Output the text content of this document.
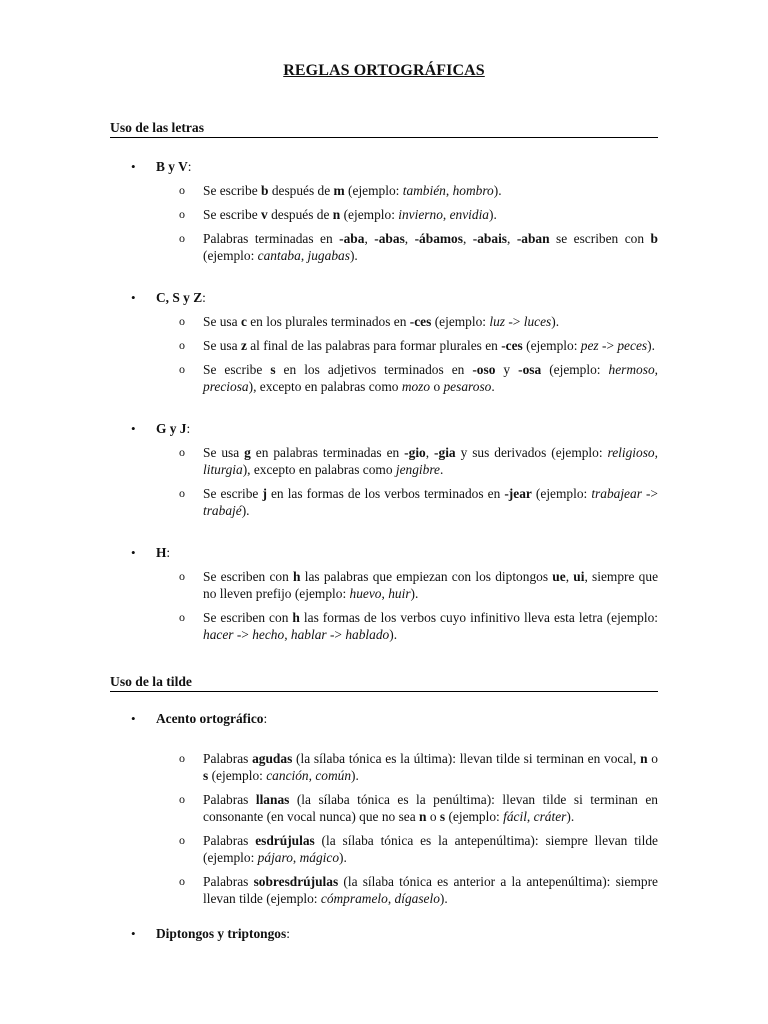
REGLAS ORTOGRÁFICAS
Uso de las letras
• B y V:
o Se escribe b después de m (ejemplo: también, hombro).
o Se escribe v después de n (ejemplo: invierno, envidia).
o Palabras terminadas en -aba, -abas, -ábamos, -abais, -aban se escriben con b (ejemplo: cantaba, jugabas).
• C, S y Z:
o Se usa c en los plurales terminados en -ces (ejemplo: luz -> luces).
o Se usa z al final de las palabras para formar plurales en -ces (ejemplo: pez -> peces).
o Se escribe s en los adjetivos terminados en -oso y -osa (ejemplo: hermoso, preciosa), excepto en palabras como mozo o pesaroso.
• G y J:
o Se usa g en palabras terminadas en -gio, -gia y sus derivados (ejemplo: religioso, liturgia), excepto en palabras como jengibre.
o Se escribe j en las formas de los verbos terminados en -jear (ejemplo: trabajear -> trabajé).
• H:
o Se escriben con h las palabras que empiezan con los diptongos ue, ui, siempre que no lleven prefijo (ejemplo: huevo, huir).
o Se escriben con h las formas de los verbos cuyo infinitivo lleva esta letra (ejemplo: hacer -> hecho, hablar -> hablado).
Uso de la tilde
• Acento ortográfico:
o Palabras agudas (la sílaba tónica es la última): llevan tilde si terminan en vocal, n o s (ejemplo: canción, común).
o Palabras llanas (la sílaba tónica es la penúltima): llevan tilde si terminan en consonante (en vocal nunca) que no sea n o s (ejemplo: fácil, cráter).
o Palabras esdrújulas (la sílaba tónica es la antepenúltima): siempre llevan tilde (ejemplo: pájaro, mágico).
o Palabras sobresdrújulas (la sílaba tónica es anterior a la antepenúltima): siempre llevan tilde (ejemplo: cómpramelo, dígaselo).
• Diptongos y triptongos:
